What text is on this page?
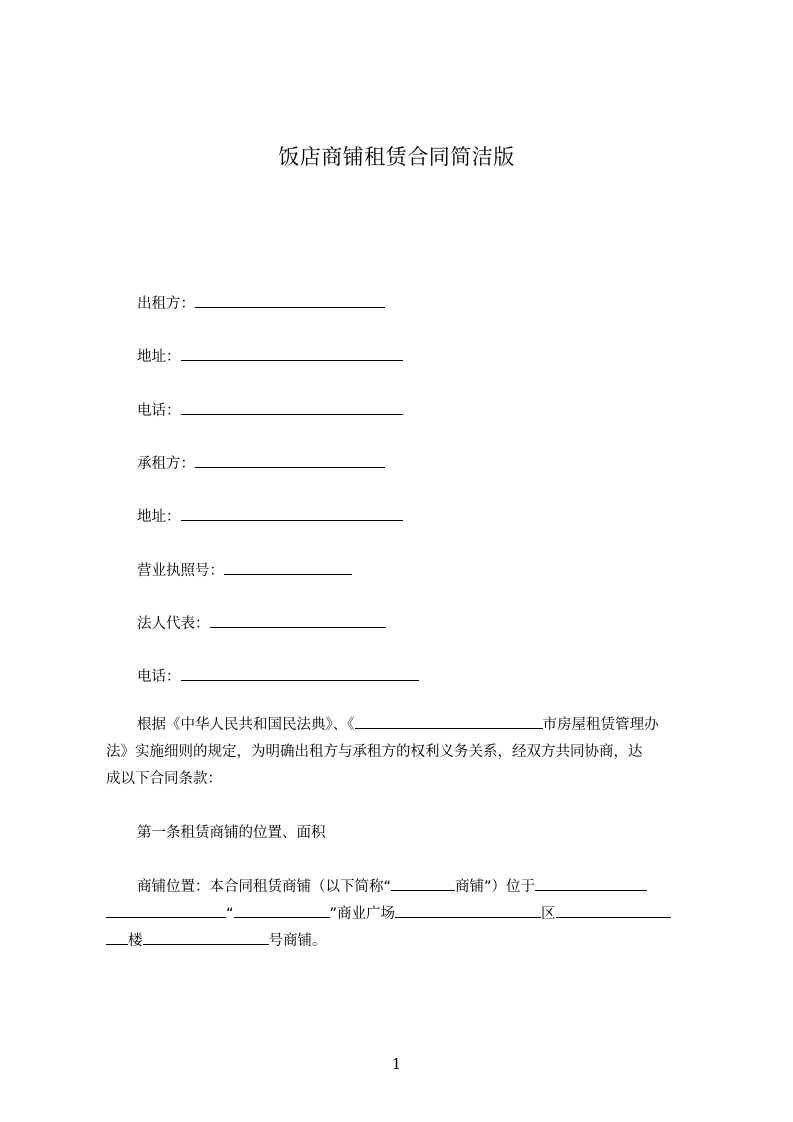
饭店商铺租赁合同简洁版
出租方：
地址：
电话：
承租方：
地址：
营业执照号：
法人代表：
电话：
根据《中华人民共和国民法典》、《	市房屋租赁管理办
法》实施细则的规定，为明确出租方与承租方的权利义务关系，经双方共同协商，达
成以下合同条款：
第一条租赁商铺的位置、面积
商铺位置：本合同租赁商铺（以下简称“	商铺”）位于
“	”商业广场	区
楼	号商铺。
1
